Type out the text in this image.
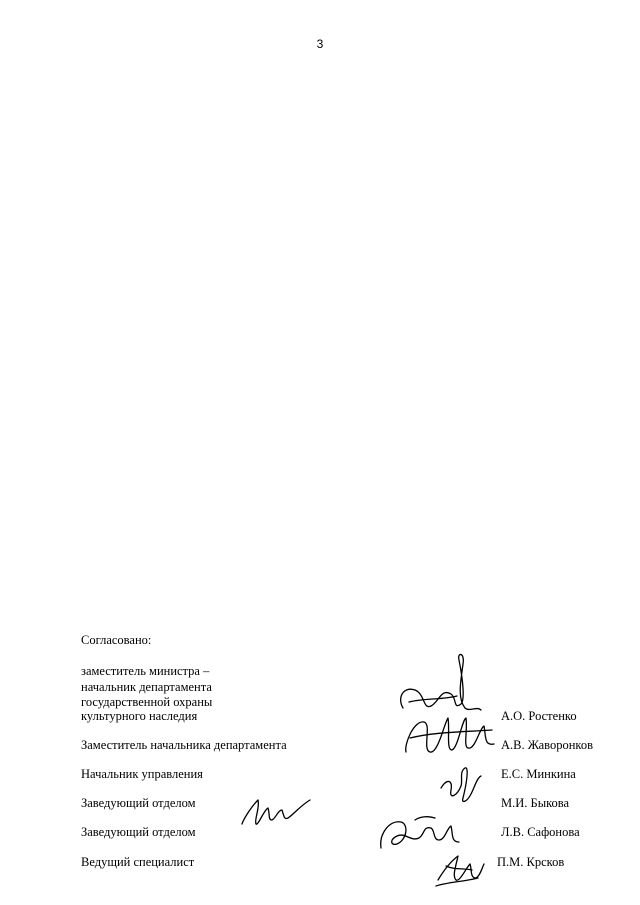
3
Согласовано:
заместитель министра –
начальник департамента
государственной охраны
культурного наследия	А.О. Ростенко
Заместитель начальника департамента	А.В. Жаворонков
Начальник управления	Е.С. Минкина
Заведующий отделом	М.И. Быкова
Заведующий отделом	Л.В. Сафонова
Ведущий специалист	П.М. Крсков
